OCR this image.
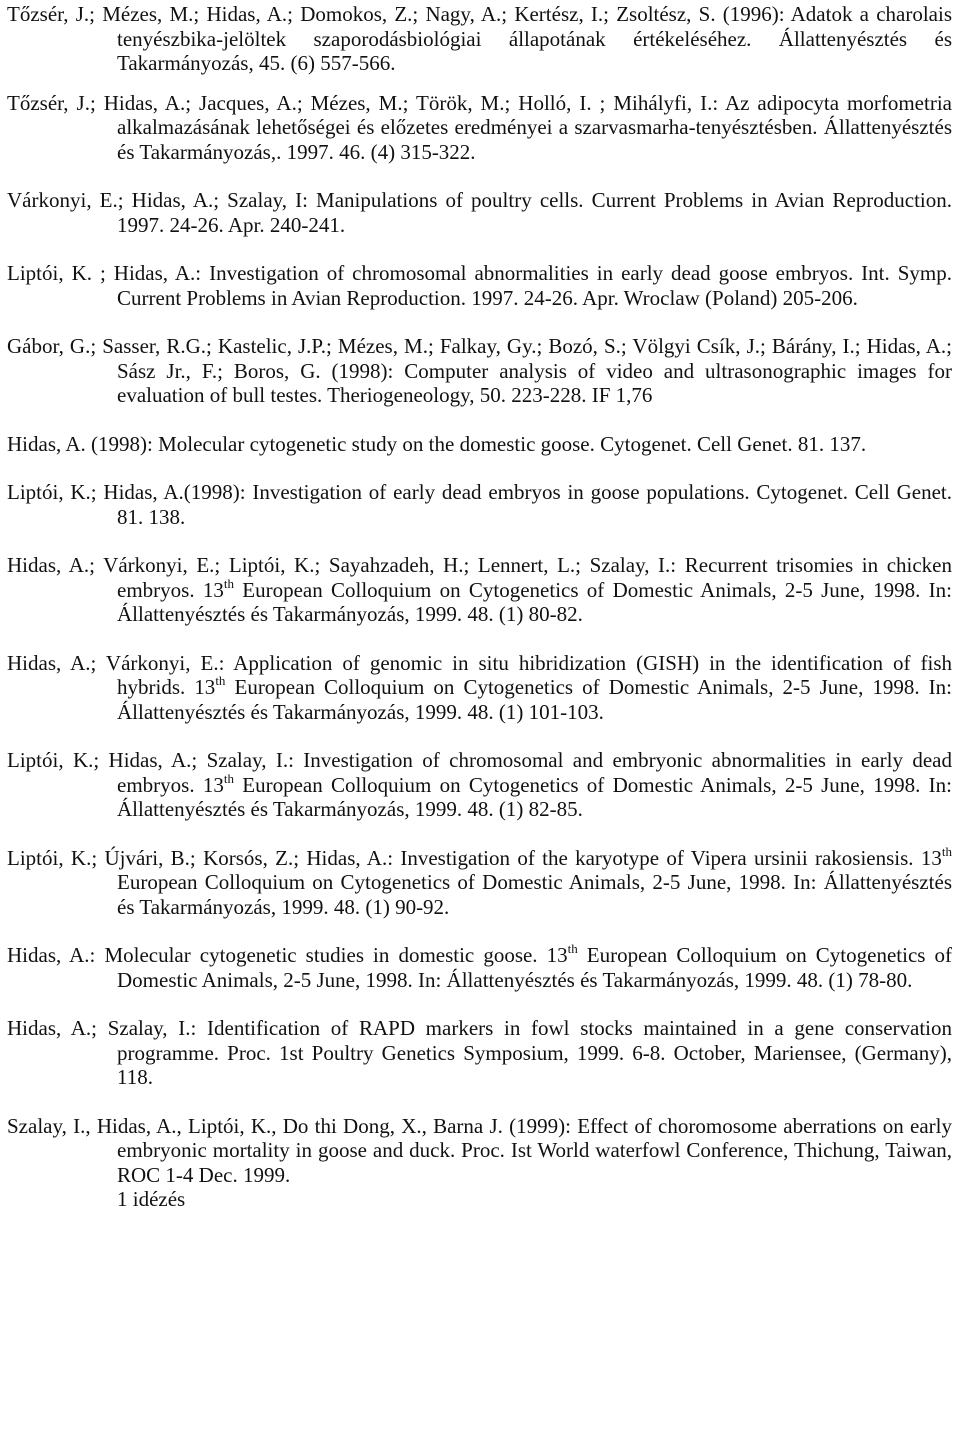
Tőzsér, J.; Mézes, M.; Hidas, A.; Domokos, Z.; Nagy, A.; Kertész, I.; Zsoltész, S. (1996): Adatok a charolais tenyészbika-jelöltek szaporodásbiológiai állapotának értékeléséhez. Állattenyésztés és Takarmányozás, 45. (6) 557-566.

Tőzsér, J.; Hidas, A.; Jacques, A.; Mézes, M.; Török, M.; Holló, I. ; Mihályfi, I.: Az adipocyta morfometria alkalmazásának lehetőségei és előzetes eredményei a szarvasmarha-tenyésztésben. Állattenyésztés és Takarmányozás,. 1997. 46. (4) 315-322.

Várkonyi, E.; Hidas, A.; Szalay, I: Manipulations of poultry cells. Current Problems in Avian Reproduction. 1997. 24-26. Apr. 240-241.

Liptói, K. ; Hidas, A.: Investigation of chromosomal abnormalities in early dead goose embryos. Int. Symp. Current Problems in Avian Reproduction. 1997. 24-26. Apr. Wroclaw (Poland) 205-206.

Gábor, G.; Sasser, R.G.; Kastelic, J.P.; Mézes, M.; Falkay, Gy.; Bozó, S.; Völgyi Csík, J.; Bárány, I.; Hidas, A.; Sász Jr., F.; Boros, G. (1998): Computer analysis of video and ultrasonographic images for evaluation of bull testes. Theriogeneology, 50. 223-228. IF 1,76

Hidas, A. (1998): Molecular cytogenetic study on the domestic goose. Cytogenet. Cell Genet. 81. 137.

Liptói, K.; Hidas, A.(1998): Investigation of early dead embryos in goose populations. Cytogenet. Cell Genet. 81. 138.

Hidas, A.; Várkonyi, E.; Liptói, K.; Sayahzadeh, H.; Lennert, L.; Szalay, I.: Recurrent trisomies in chicken embryos. 13th European Colloquium on Cytogenetics of Domestic Animals, 2-5 June, 1998. In: Állattenyésztés és Takarmányozás, 1999. 48. (1) 80-82.

Hidas, A.; Várkonyi, E.: Application of genomic in situ hibridization (GISH) in the identification of fish hybrids. 13th European Colloquium on Cytogenetics of Domestic Animals, 2-5 June, 1998. In: Állattenyésztés és Takarmányozás, 1999. 48. (1) 101-103.

Liptói, K.; Hidas, A.; Szalay, I.: Investigation of chromosomal and embryonic abnormalities in early dead embryos. 13th European Colloquium on Cytogenetics of Domestic Animals, 2-5 June, 1998. In: Állattenyésztés és Takarmányozás, 1999. 48. (1) 82-85.

Liptói, K.; Újvári, B.; Korsós, Z.; Hidas, A.: Investigation of the karyotype of Vipera ursinii rakosiensis. 13th European Colloquium on Cytogenetics of Domestic Animals, 2-5 June, 1998. In: Állattenyésztés és Takarmányozás, 1999. 48. (1) 90-92.

Hidas, A.: Molecular cytogenetic studies in domestic goose. 13th European Colloquium on Cytogenetics of Domestic Animals, 2-5 June, 1998. In: Állattenyésztés és Takarmányozás, 1999. 48. (1) 78-80.

Hidas, A.; Szalay, I.: Identification of RAPD markers in fowl stocks maintained in a gene conservation programme. Proc. 1st Poultry Genetics Symposium, 1999. 6-8. October, Mariensee, (Germany), 118.

Szalay, I., Hidas, A., Liptói, K., Do thi Dong, X., Barna J. (1999): Effect of choromosome aberrations on early embryonic mortality in goose and duck. Proc. Ist World waterfowl Conference, Thichung, Taiwan, ROC 1-4 Dec. 1999.
1 idézés
